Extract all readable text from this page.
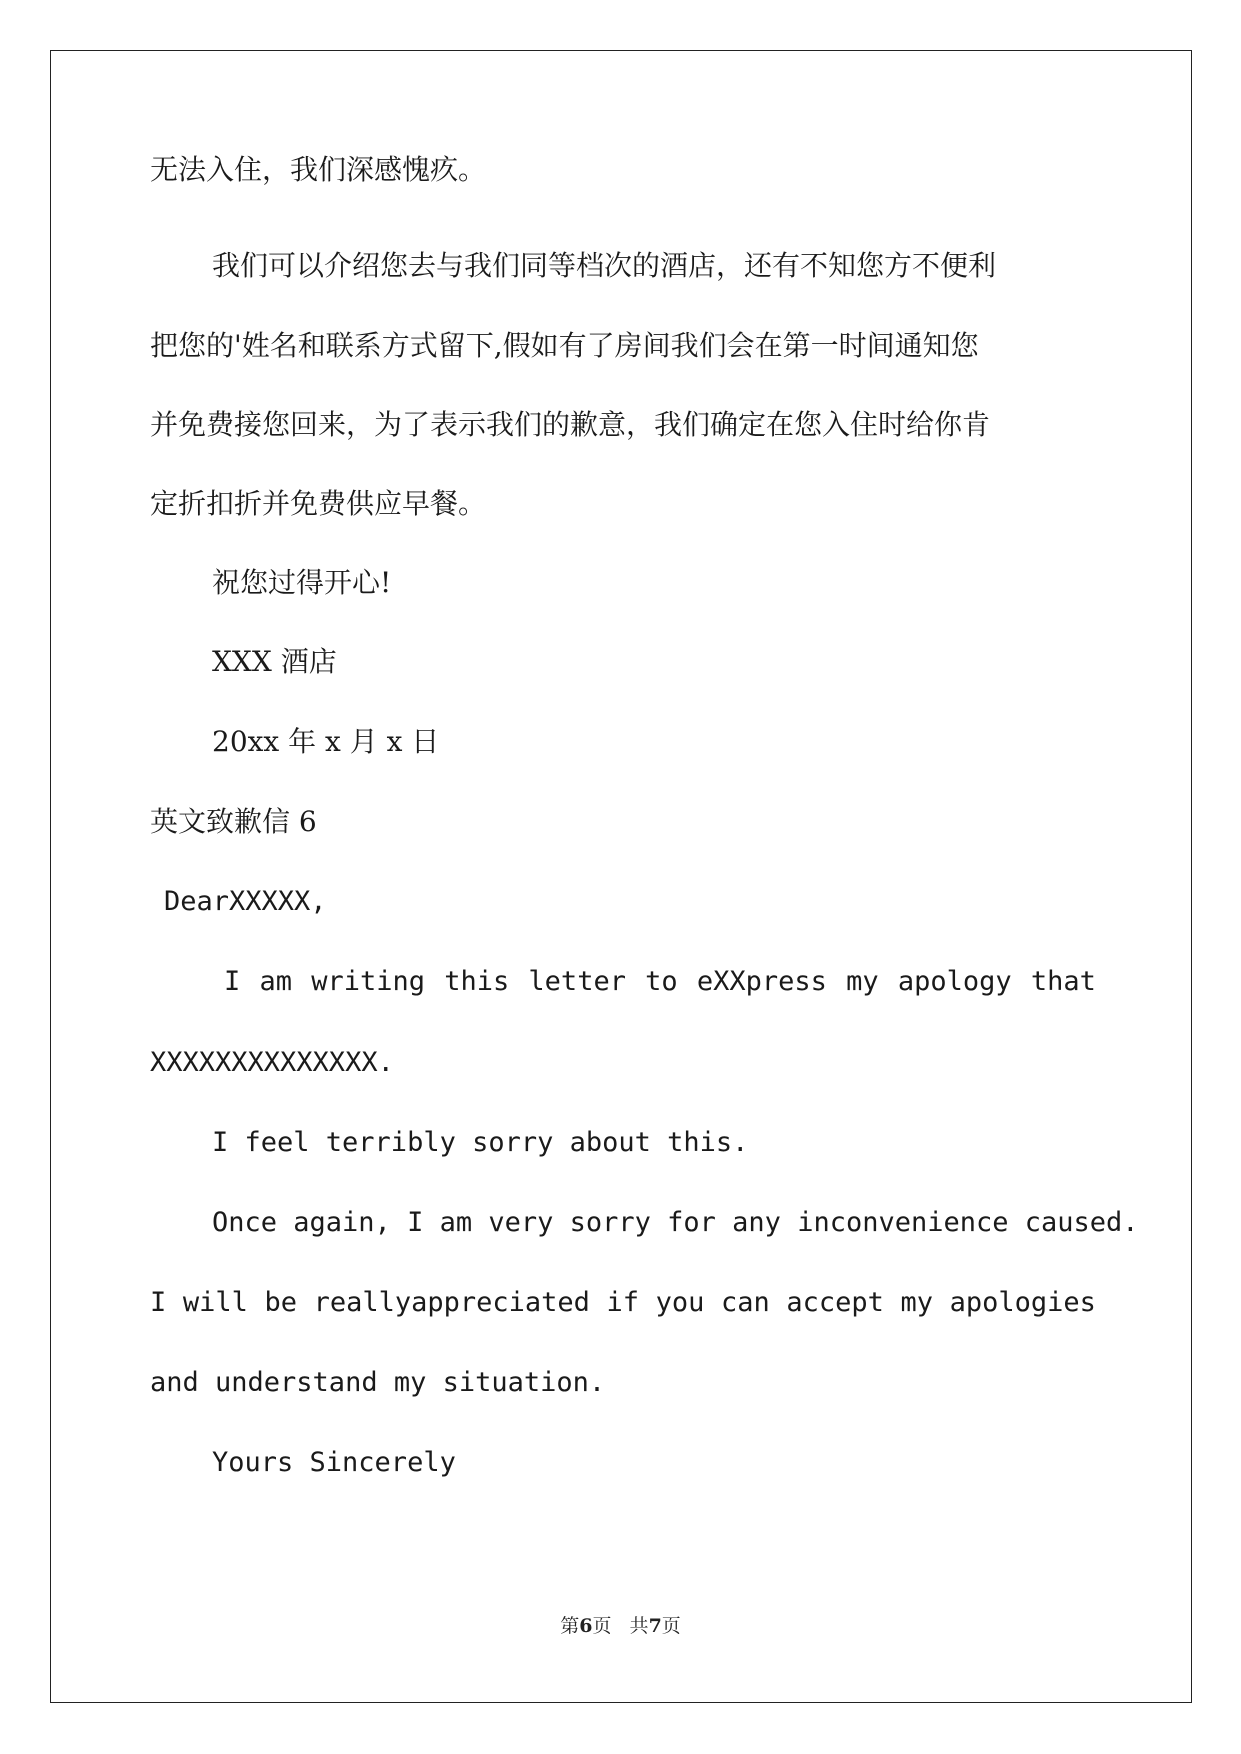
无法入住，我们深感愧疚。

我们可以介绍您去与我们同等档次的酒店，还有不知您方不便利

把您的'姓名和联系方式留下,假如有了房间我们会在第一时间通知您

并免费接您回来，为了表示我们的歉意，我们确定在您入住时给你肯

定折扣折并免费供应早餐。

祝您过得开心!

XXX 酒店

20xx 年 x 月 x 日

英文致歉信 6

DearXXXXX,

I am writing this letter to eXXpress my apology that

XXXXXXXXXXXXXX.

I feel terribly sorry about this.

Once again, I am very sorry for any inconvenience caused.

I will be reallyappreciated if you can accept my apologies

and understand my situation.

Yours Sincerely

第6页   共7页
